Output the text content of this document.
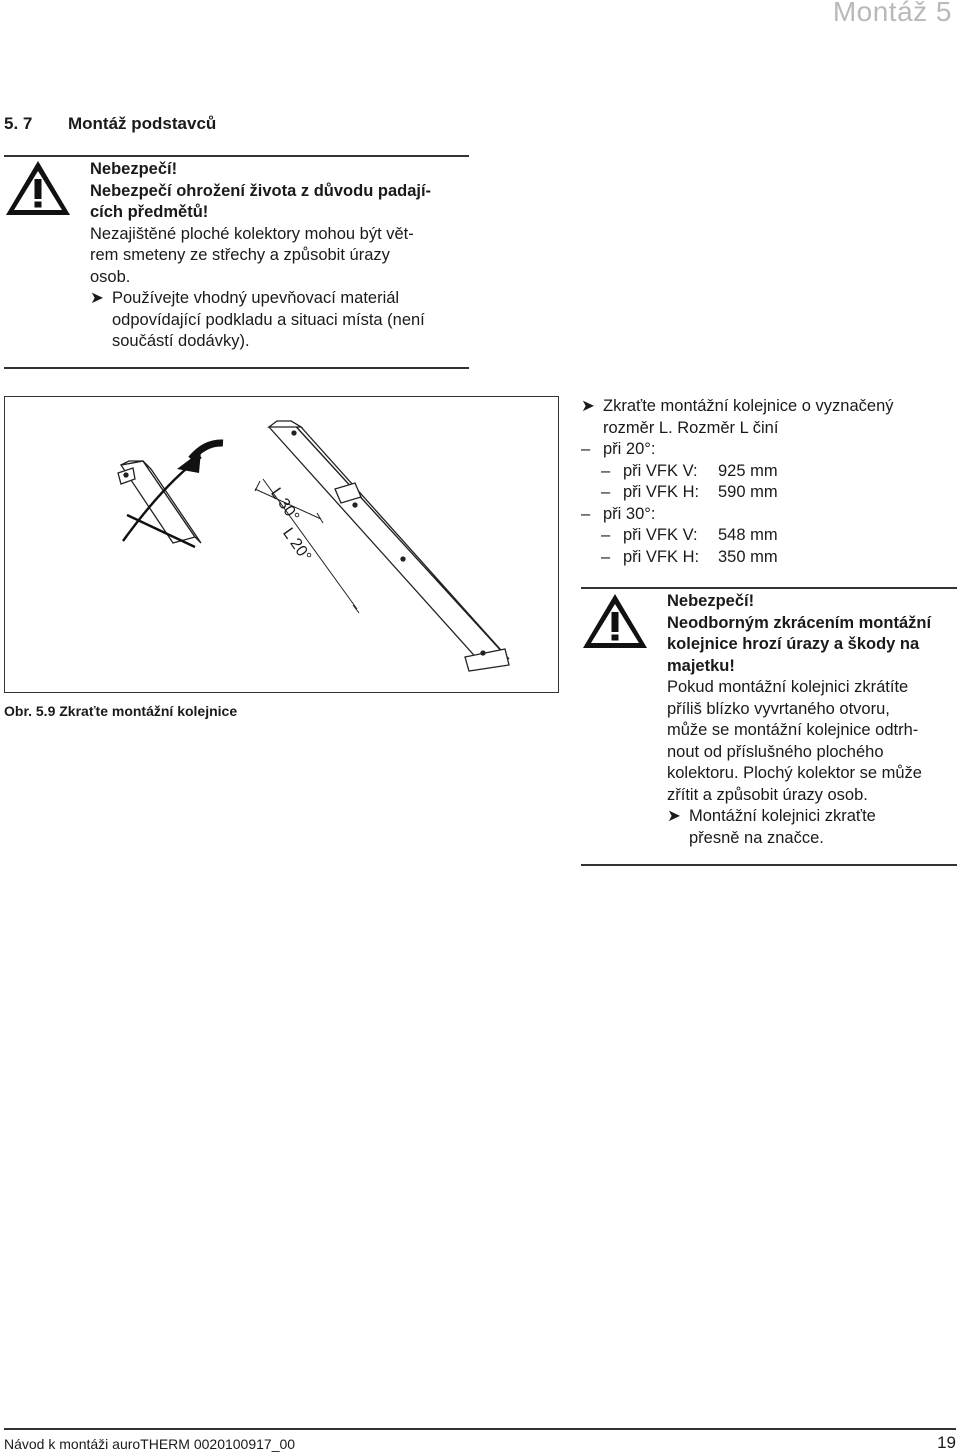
Montáž 5
5. 7 Montáž podstavců
Nebezpečí!
Nebezpečí ohrožení života z důvodu padají-
cích předmětů!
Nezajištěné ploché kolektory mohou být vět-
rem smeteny ze střechy a způsobit úrazy
osob.
➤ Používejte vhodný upevňovací materiál
odpovídající podkladu a situaci místa (není
součástí dodávky).
L 30°
L 20°
Obr. 5.9 Zkraťte montážní kolejnice
➤ Zkraťte montážní kolejnice o vyznačený
rozměr L. Rozměr L činí
– při 20°:
– při VFK V: 925 mm
– při VFK H: 590 mm
– při 30°:
– při VFK V: 548 mm
– při VFK H: 350 mm
Nebezpečí!
Neodborným zkrácením montážní
kolejnice hrozí úrazy a škody na
majetku!
Pokud montážní kolejnici zkrátíte
příliš blízko vyvrtaného otvoru,
může se montážní kolejnice odtrh-
nout od příslušného plochého
kolektoru. Plochý kolektor se může
zřítit a způsobit úrazy osob.
➤ Montážní kolejnici zkraťte
přesně na značce.
Návod k montáži auroTHERM 0020100917_00	19
